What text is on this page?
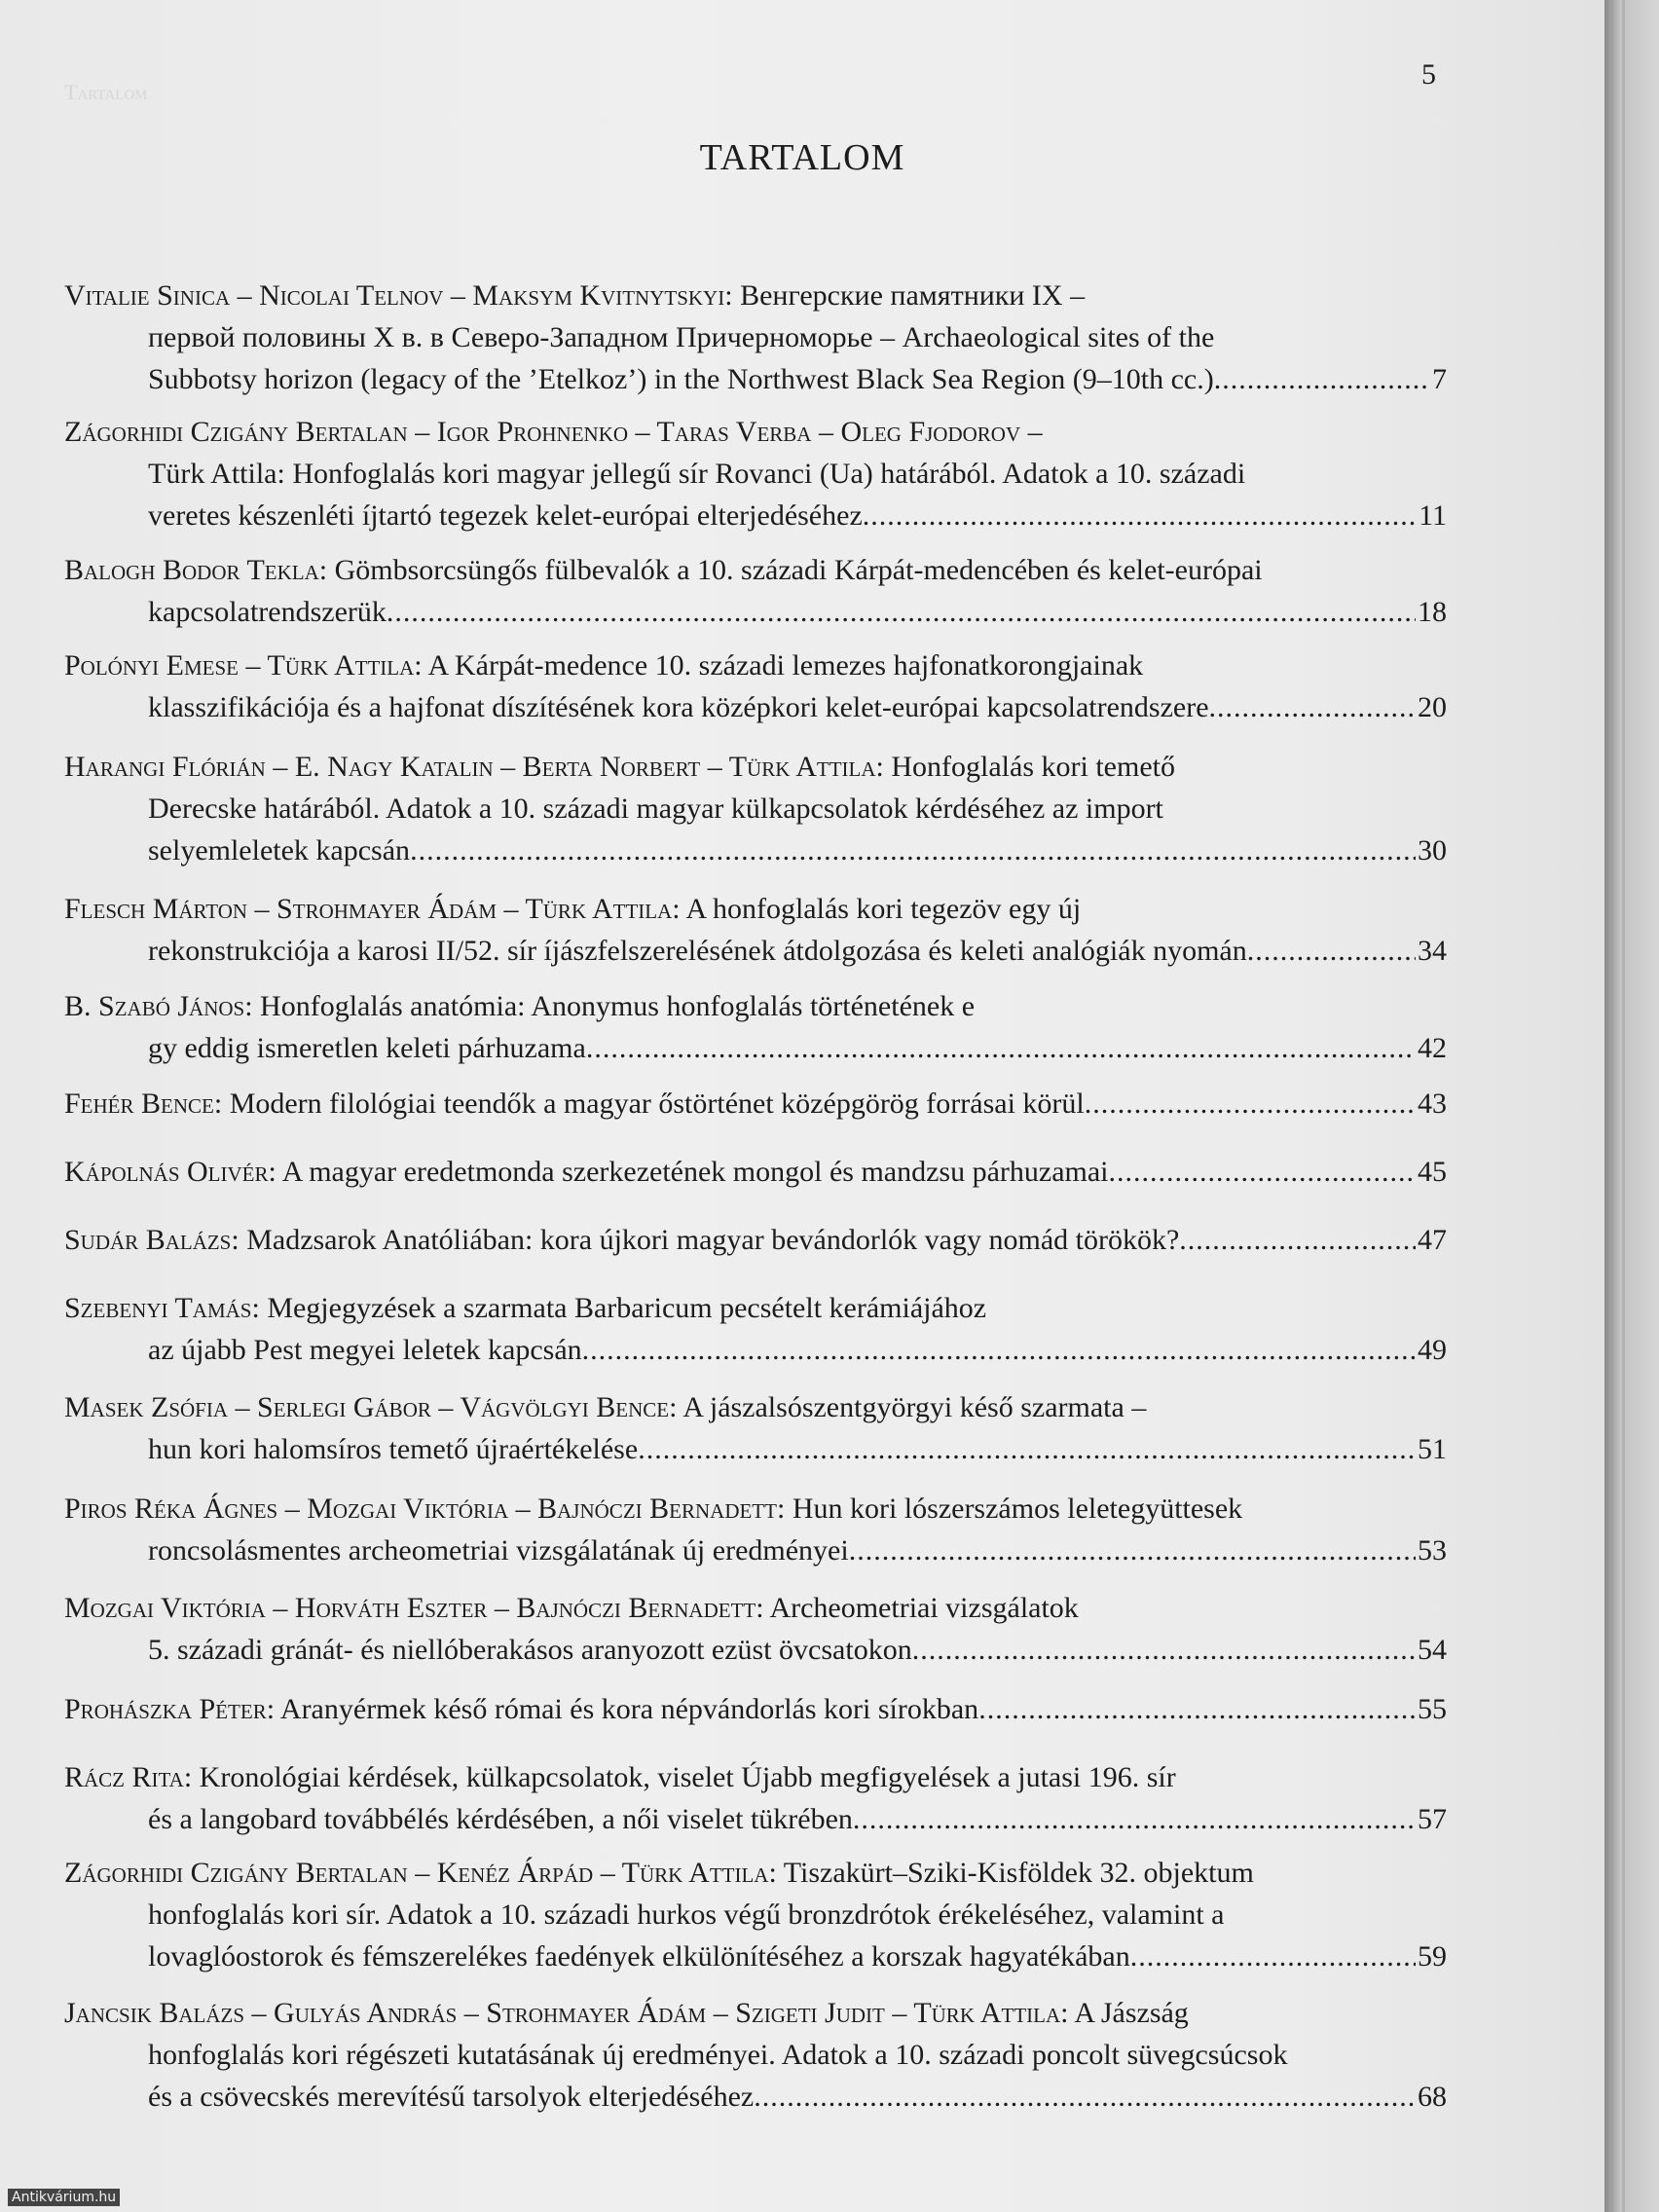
Tartalom
5
TARTALOM
Vitalie Sinica – Nicolai Telnov – Maksym Kvitnytskyi: Венгерские памятники IX –
первой половины X в. в Северо-Западном Причерноморье – Archaeological sites of the
Subbotsy horizon (legacy of the ’Etelkoz’) in the Northwest Black Sea Region (9–10th cc.) .....	7
Zágorhidi Czigány Bertalan – Igor Prohnenko – Taras Verba – Oleg Fjodorov –
Türk Attila: Honfoglalás kori magyar jellegű sír Rovanci (Ua) határából. Adatok a 10. századi
veretes készenléti íjtartó tegezek kelet-európai elterjedéséhez .....	11
Balogh Bodor Tekla: Gömbsorcsüngős fülbevalók a 10. századi Kárpát-medencében és kelet-európai
kapcsolatrendszerük .....	18
Polónyi Emese – Türk Attila: A Kárpát-medence 10. századi lemezes hajfonatkorongjainak
klasszifikációja és a hajfonat díszítésének kora középkori kelet-európai kapcsolatrendszere .....	20
Harangi Flórián – E. Nagy Katalin – Berta Norbert – Türk Attila: Honfoglalás kori temető
Derecske határából. Adatok a 10. századi magyar külkapcsolatok kérdéséhez az import
selyemleletek kapcsán .....	30
Flesch Márton – Strohmayer Ádám – Türk Attila: A honfoglalás kori tegezöv egy új
rekonstrukciója a karosi II/52. sír íjászfelszerelésének átdolgozása és keleti analógiák nyomán .....	34
B. Szabó János: Honfoglalás anatómia: Anonymus honfoglalás történetének e
gy eddig ismeretlen keleti párhuzama .....	42
Fehér Bence: Modern filológiai teendők a magyar őstörténet középgörög forrásai körül .....	43
Kápolnás Olivér: A magyar eredetmonda szerkezetének mongol és mandzsu párhuzamai .....	45
Sudár Balázs: Madzsarok Anatóliában: kora újkori magyar bevándorlók vagy nomád törökök? .....	47
Szebenyi Tamás: Megjegyzések a szarmata Barbaricum pecsételt kerámiájához
az újabb Pest megyei leletek kapcsán .....	49
Masek Zsófia – Serlegi Gábor – Vágvölgyi Bence: A jászalsószentgyörgyi késő szarmata –
hun kori halomsíros temető újraértékelése .....	51
Piros Réka Ágnes – Mozgai Viktória – Bajnóczi Bernadett: Hun kori lószerszámos leletegyüttesek
roncsolásmentes archeometriai vizsgálatának új eredményei .....	53
Mozgai Viktória – Horváth Eszter – Bajnóczi Bernadett: Archeometriai vizsgálatok
5. századi gránát- és niellóberakásos aranyozott ezüst övcsatokon .....	54
Prohászka Péter: Aranyérmek késő római és kora népvándorlás kori sírokban .....	55
Rácz Rita: Kronológiai kérdések, külkapcsolatok, viselet Újabb megfigyelések a jutasi 196. sír
és a langobard továbbélés kérdésében, a női viselet tükrében .....	57
Zágorhidi Czigány Bertalan – Kenéz Árpád – Türk Attila: Tiszakürt–Sziki-Kisföldek 32. objektum
honfoglalás kori sír. Adatok a 10. századi hurkos végű bronzdrótok érékeléséhez, valamint a
lovaglóostorok és fémszerelékes faedények elkülönítéséhez a korszak hagyatékában .....	59
Jancsik Balázs – Gulyás András – Strohmayer Ádám – Szigeti Judit – Türk Attila: A Jászság
honfoglalás kori régészeti kutatásának új eredményei. Adatok a 10. századi poncolt süvegcsúcsok
és a csövecskés merevítésű tarsolyok elterjedéséhez .....	68
Antikvárium.hu
